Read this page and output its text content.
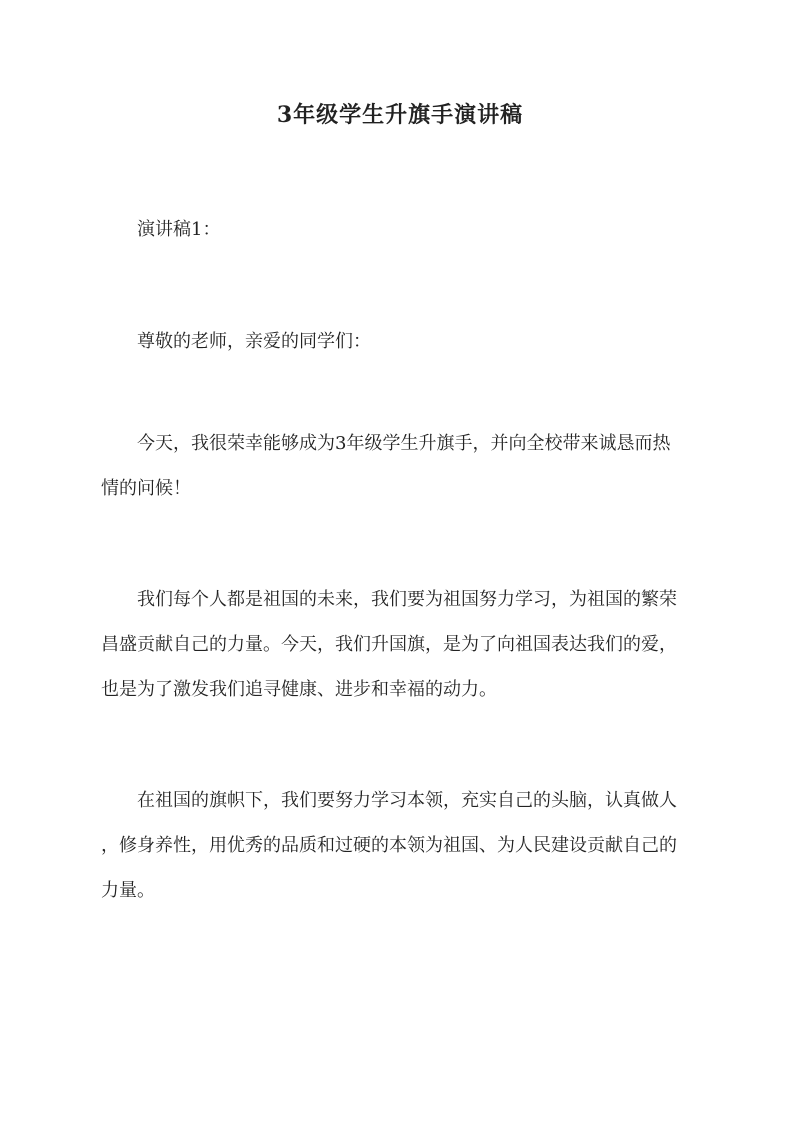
3年级学生升旗手演讲稿
演讲稿1：
尊敬的老师，亲爱的同学们：
今天，我很荣幸能够成为3年级学生升旗手，并向全校带来诚恳而热
情的问候！
我们每个人都是祖国的未来，我们要为祖国努力学习，为祖国的繁荣
昌盛贡献自己的力量。今天，我们升国旗，是为了向祖国表达我们的爱，
也是为了激发我们追寻健康、进步和幸福的动力。
在祖国的旗帜下，我们要努力学习本领，充实自己的头脑，认真做人
，修身养性，用优秀的品质和过硬的本领为祖国、为人民建设贡献自己的
力量。
